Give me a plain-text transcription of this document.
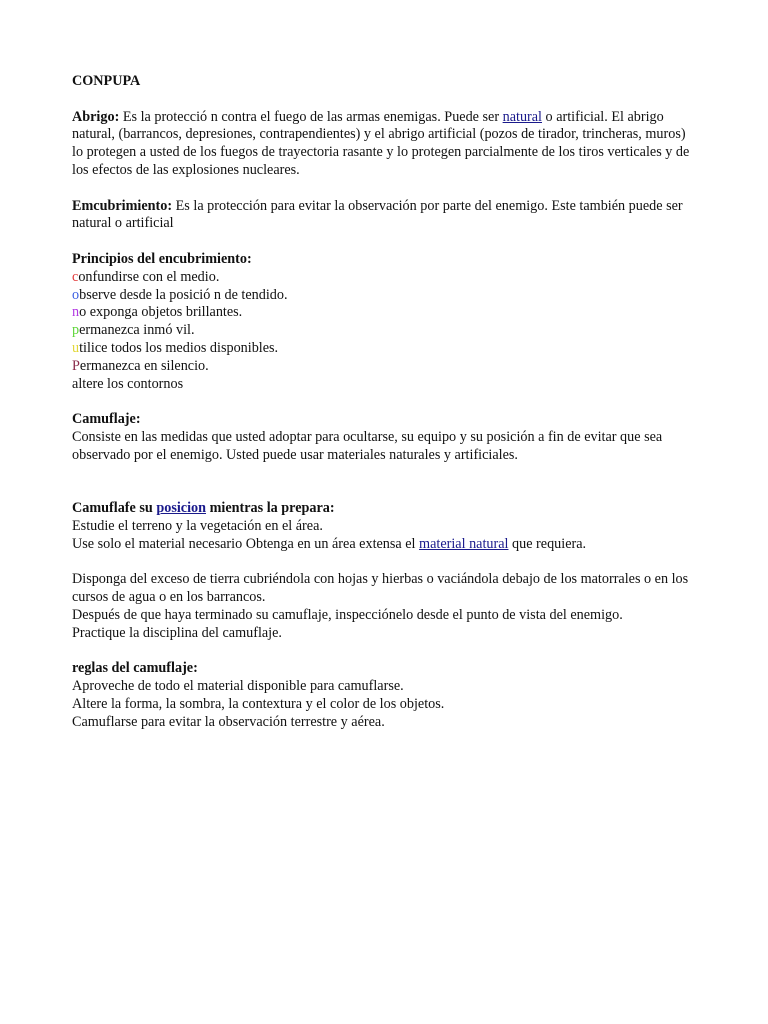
CONPUPA

Abrigo: Es la protecció n contra el fuego de las armas enemigas. Puede ser natural o artificial. El abrigo natural, (barrancos, depresiones, contrapendientes) y el abrigo artificial (pozos de tirador, trincheras, muros) lo protegen a usted de los fuegos de trayectoria rasante y lo protegen parcialmente de los tiros verticales y de los efectos de las explosiones nucleares.

Emcubrimiento: Es la protección para evitar la observación por parte del enemigo. Este también puede ser natural o artificial

Principios del encubrimiento:

confundirse con el medio.

observe desde la posició n de tendido.

no exponga objetos brillantes.

permanezca inmó vil.

utilice todos los medios disponibles.

Permanezca en silencio.

altere los contornos

Camuflaje:

Consiste en las medidas que usted adoptar para ocultarse, su equipo y su posición a fin de evitar que sea observado por el enemigo. Usted puede usar materiales naturales y artificiales.

Camuflafe su posicion mientras la prepara:

Estudie el terreno y la vegetación en el área.

Use solo el material necesario Obtenga en un área extensa el material natural que requiera.

Disponga del exceso de tierra cubriéndola con hojas y hierbas o vaciándola debajo de los matorrales o en los cursos de agua o en los barrancos.

Después de que haya terminado su camuflaje, inspecciónelo desde el punto de vista del enemigo.

Practique la disciplina del camuflaje.

reglas del camuflaje:

Aproveche de todo el material disponible para camuflarse.

Altere la forma, la sombra, la contextura y el color de los objetos.

Camuflarse para evitar la observación terrestre y aérea.
